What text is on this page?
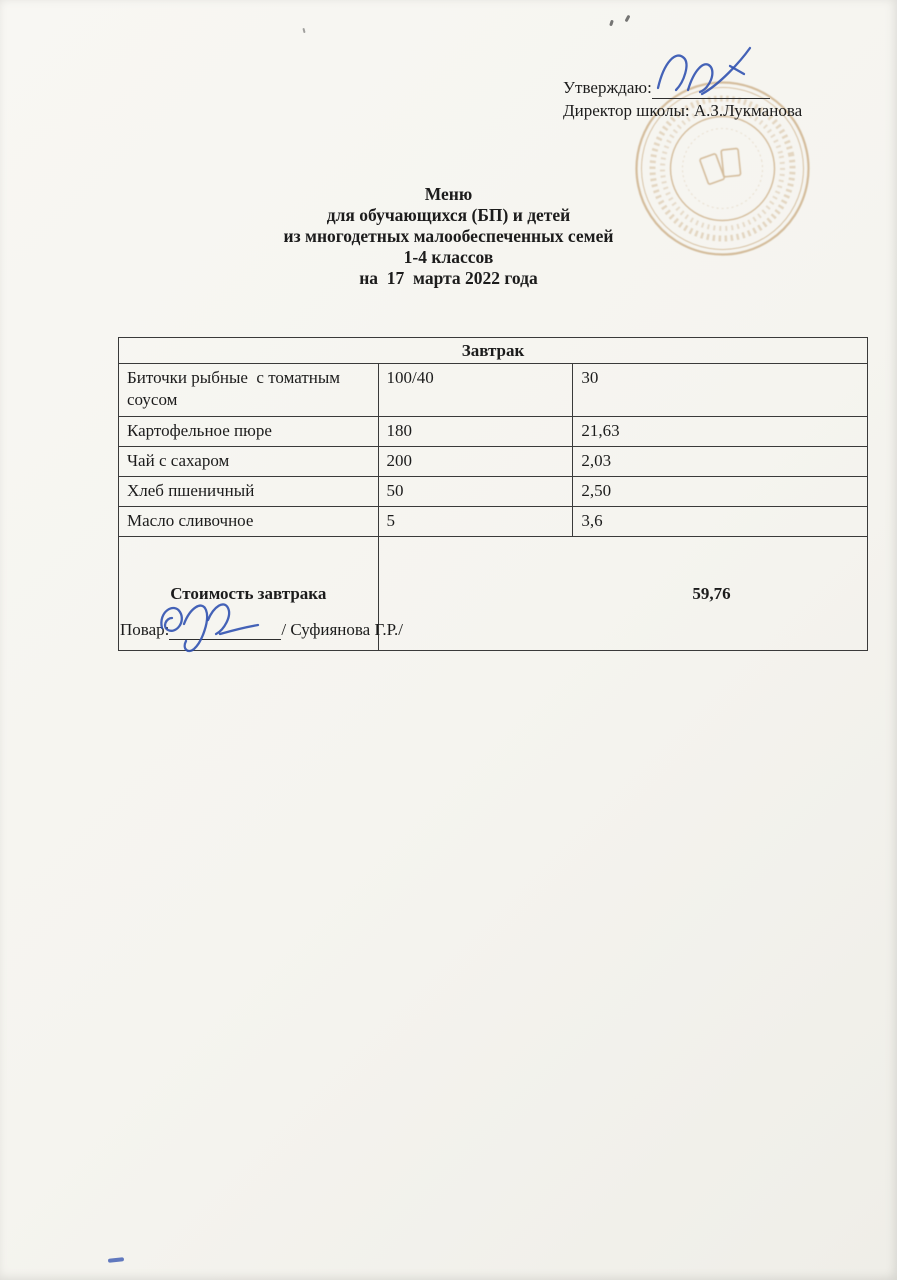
Утверждаю:
Директор школы: А.З.Лукманова
Меню
для обучающихся (БП) и детей
из многодетных малообеспеченных семей
1-4 классов
на  17  марта 2022 года
Завтрак		
Биточки рыбные  с томатным соусом	100/40	30
Картофельное пюре	180	21,63
Чай с сахаром	200	2,03
Хлеб пшеничный	50	2,50
Масло сливочное	5	3,6
Стоимость завтрака	59,76	

Повар:	/ Суфиянова Г.Р./
